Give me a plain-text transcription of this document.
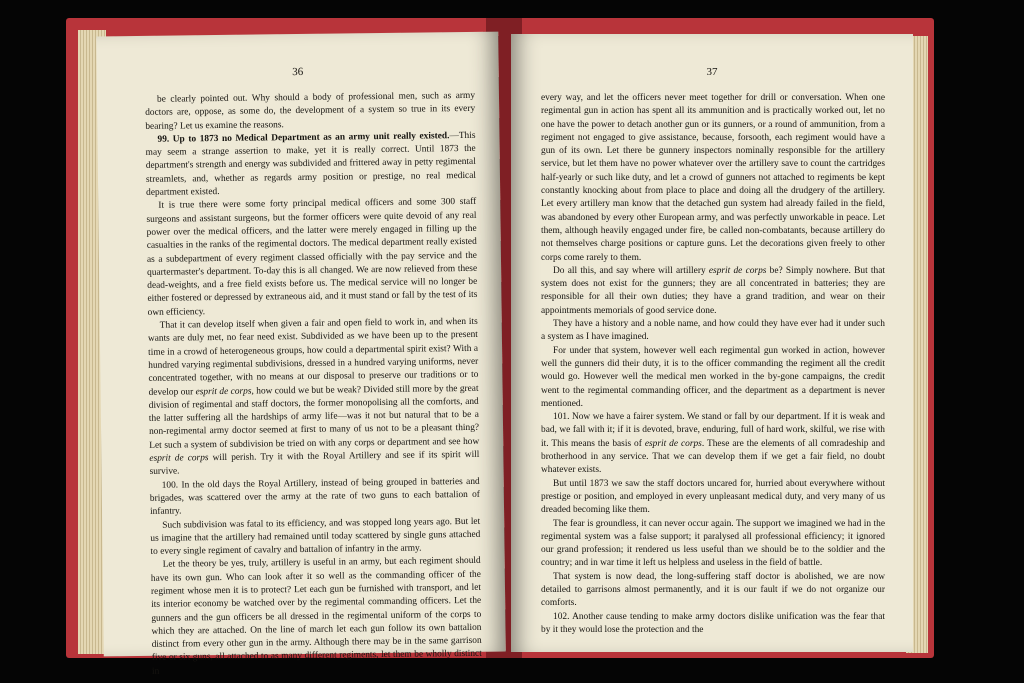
36

be clearly pointed out. Why should a body of professional men, such as army doctors are, oppose, as some do, the development of a system so true in its every bearing? Let us examine the reasons.

99. Up to 1873 no Medical Department as an army unit really existed.—This may seem a strange assertion to make, yet it is really correct. Until 1873 the department's strength and energy was subdivided and frittered away in petty regimental streamlets, and, whether as regards army position or prestige, no real medical department existed.

It is true there were some forty principal medical officers and some 300 staff surgeons and assistant surgeons, but the former officers were quite devoid of any real power over the medical officers, and the latter were merely engaged in filling up the casualties in the ranks of the regimental doctors. The medical department really existed as a subdepartment of every regiment classed officially with the pay service and the quartermaster's department. To-day this is all changed. We are now relieved from these dead-weights, and a free field exists before us. The medical service will no longer be either fostered or depressed by extraneous aid, and it must stand or fall by the test of its own efficiency.

That it can develop itself when given a fair and open field to work in, and when its wants are duly met, no fear need exist. Subdivided as we have been up to the present time in a crowd of heterogeneous groups, how could a departmental spirit exist? With a hundred varying regimental subdivisions, dressed in a hundred varying uniforms, never concentrated together, with no means at our disposal to preserve our traditions or to develop our esprit de corps, how could we but be weak? Divided still more by the great division of regimental and staff doctors, the former monopolising all the comforts, and the latter suffering all the hardships of army life—was it not but natural that to be a non-regimental army doctor seemed at first to many of us not to be a pleasant thing? Let such a system of subdivision be tried on with any corps or department and see how esprit de corps will perish. Try it with the Royal Artillery and see if its spirit will survive.

100. In the old days the Royal Artillery, instead of being grouped in batteries and brigades, was scattered over the army at the rate of two guns to each battalion of infantry.

Such subdivision was fatal to its efficiency, and was stopped long years ago. But let us imagine that the artillery had remained until today scattered by single guns attached to every single regiment of cavalry and battalion of infantry in the army.

Let the theory be yes, truly, artillery is useful in an army, but each regiment should have its own gun. Who can look after it so well as the commanding officer of the regiment whose men it is to protect? Let each gun be furnished with transport, and let its interior economy be watched over by the regimental commanding officers. Let the gunners and the gun officers be all dressed in the regimental uniform of the corps to which they are attached. On the line of march let each gun follow its own battalion distinct from every other gun in the army. Although there may be in the same garrison five or six guns, all attached to as many different regiments, let them be wholly distinct in

37

every way, and let the officers never meet together for drill or conversation. When one regimental gun in action has spent all its ammunition and is practically worked out, let no one have the power to detach another gun or its gunners, or a round of ammunition, from a regiment not engaged to give assistance, because, forsooth, each regiment would have a gun of its own. Let there be gunnery inspectors nominally responsible for the artillery service, but let them have no power whatever over the artillery save to count the cartridges half-yearly or such like duty, and let a crowd of gunners not attached to regiments be kept constantly knocking about from place to place and doing all the drudgery of the artillery. Let every artillery man know that the detached gun system had already failed in the field, was abandoned by every other European army, and was perfectly unworkable in peace. Let them, although heavily engaged under fire, be called non-combatants, because artillery do not themselves charge positions or capture guns. Let the decorations given freely to other corps come rarely to them.

Do all this, and say where will artillery esprit de corps be? Simply nowhere. But that system does not exist for the gunners; they are all concentrated in batteries; they are responsible for all their own duties; they have a grand tradition, and wear on their appointments memorials of good service done.

They have a history and a noble name, and how could they have ever had it under such a system as I have imagined.

For under that system, however well each regimental gun worked in action, however well the gunners did their duty, it is to the officer commanding the regiment all the credit would go. However well the medical men worked in the by-gone campaigns, the credit went to the regimental commanding officer, and the department as a department is never mentioned.

101. Now we have a fairer system. We stand or fall by our department. If it is weak and bad, we fall with it; if it is devoted, brave, enduring, full of hard work, skilful, we rise with it. This means the basis of esprit de corps. These are the elements of all comradeship and brotherhood in any service. That we can develop them if we get a fair field, no doubt whatever exists.

But until 1873 we saw the staff doctors uncared for, hurried about everywhere without prestige or position, and employed in every unpleasant medical duty, and very many of us dreaded becoming like them.

The fear is groundless, it can never occur again. The support we imagined we had in the regimental system was a false support; it paralysed all professional efficiency; it ignored our grand profession; it rendered us less useful than we should be to the soldier and the country; and in war time it left us helpless and useless in the field of battle.

That system is now dead, the long-suffering staff doctor is abolished, we are now detailed to garrisons almost permanently, and it is our fault if we do not organize our comforts.

102. Another cause tending to make army doctors dislike unification was the fear that by it they would lose the protection and the
